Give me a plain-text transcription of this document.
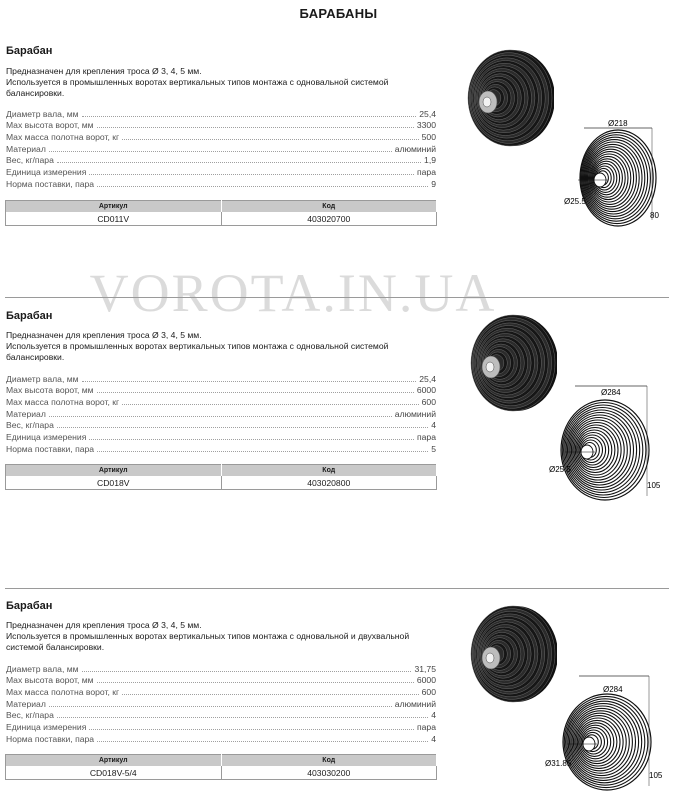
БАРАБАНЫ
Барабан
Предназначен для крепления троса Ø 3, 4, 5 мм.
Используется в промышленных воротах вертикальных типов монтажа с одновальной системой
балансировки.
Диаметр вала, мм	25,4
Max высота ворот, мм	3300
Max масса полотна ворот, кг	500
Материал	алюминий
Вес, кг/пара	1,9
Единица измерения	пара
Норма поставки, пара	9
Артикул	Код
CD011V	403020700
Ø218
Ø25.5
80
VOROTA.IN.UA
Барабан
Предназначен для крепления троса Ø 3, 4, 5 мм.
Используется в промышленных воротах вертикальных типов монтажа с одновальной системой
балансировки.
Диаметр вала, мм	25,4
Max высота ворот, мм	6000
Max масса полотна ворот, кг	600
Материал	алюминий
Вес, кг/пара	4
Единица измерения	пара
Норма поставки, пара	5
Артикул	Код
CD018V	403020800
Ø284
Ø25.5
105
Барабан
Предназначен для крепления троса Ø 3, 4, 5 мм.
Используется в промышленных воротах вертикальных типов монтажа с одновальной и двухвальной
системой балансировки.
Диаметр вала, мм	31,75
Max высота ворот, мм	6000
Max масса полотна ворот, кг	600
Материал	алюминий
Вес, кг/пара	4
Единица измерения	пара
Норма поставки, пара	4
Артикул	Код
CD018V-5/4	403030200
Ø284
Ø31.85
105
